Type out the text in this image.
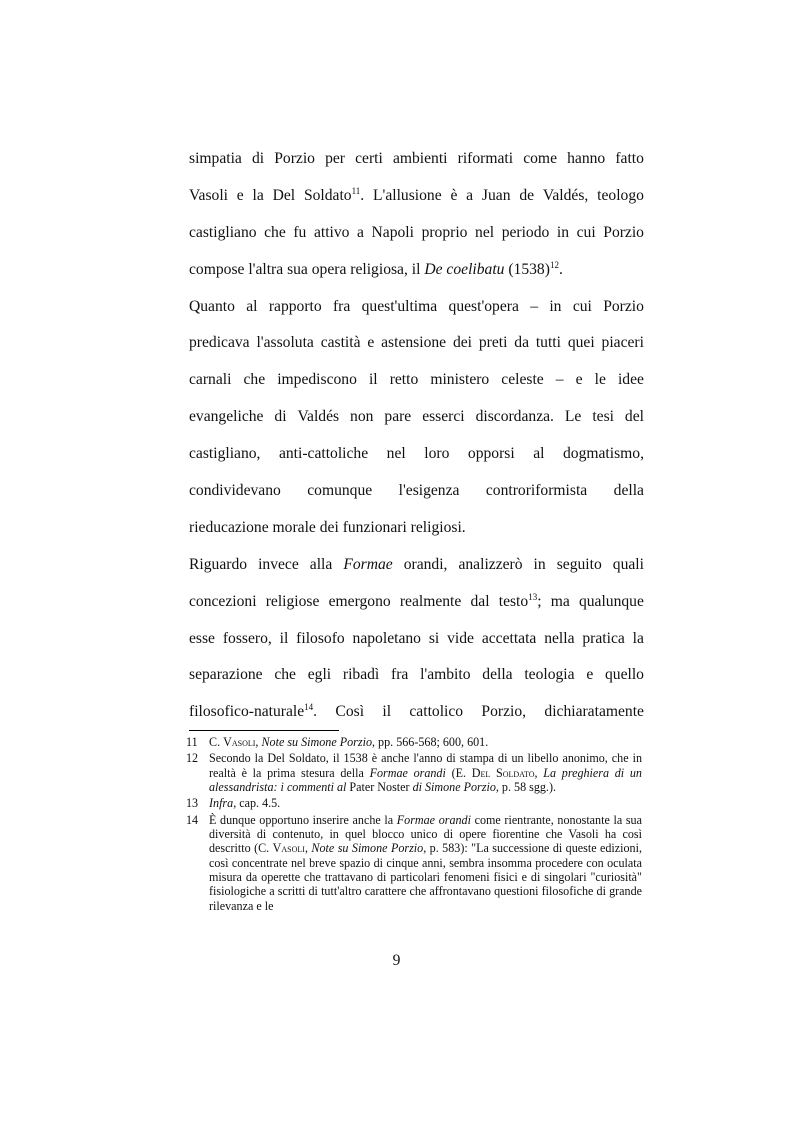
simpatia di Porzio per certi ambienti riformati come hanno fatto
Vasoli e la Del Soldato$^{11}$. L'allusione è a Juan de Valdés, teologo
castigliano che fu attivo a Napoli proprio nel periodo in cui Porzio
compose l'altra sua opera religiosa, il De coelibatu $(1538)^{12}$.
Quanto al rapporto fra quest'ultima quest'opera – in cui Porzio
predicava l'assoluta castità e astensione dei preti da tutti quei piaceri
carnali che impediscono il retto ministero celeste – e le idee
evangeliche di Valdés non pare esserci discordanza. Le tesi del
castigliano, anti-cattoliche nel loro opporsi al dogmatismo,
condividevano comunque l'esigenza controriformista della
rieducazione morale dei funzionari religiosi.
Riguardo invece alla Formae orandi, analizzerò in seguito quali
concezioni religiose emergono realmente dal testo$^{13}$; ma qualunque
esse fossero, il filosofo napoletano si vide accettata nella pratica la
separazione che egli ribadì fra l'ambito della teologia e quello
filosofico-naturale$^{14}$. Così il cattolico Porzio, dichiaratamente
11 C. Vasoli, Note su Simone Porzio, pp. 566-568; 600, 601.
12 Secondo la Del Soldato, il 1538 è anche l'anno di stampa di un libello anonimo, che in realtà è la prima stesura della Formae orandi (E. Del Soldato, La preghiera di un alessandrista: i commenti al Pater Noster di Simone Porzio, p. 58 sgg.).
13 Infra, cap. 4.5.
14 È dunque opportuno inserire anche la Formae orandi come rientrante, nonostante la sua diversità di contenuto, in quel blocco unico di opere fiorentine che Vasoli ha così descritto (C. Vasoli, Note su Simone Porzio, p. 583): "La successione di queste edizioni, così concentrate nel breve spazio di cinque anni, sembra insomma procedere con oculata misura da operette che trattavano di particolari fenomeni fisici e di singolari "curiosità" fisiologiche a scritti di tutt'altro carattere che affrontavano questioni filosofiche di grande rilevanza e le
9
